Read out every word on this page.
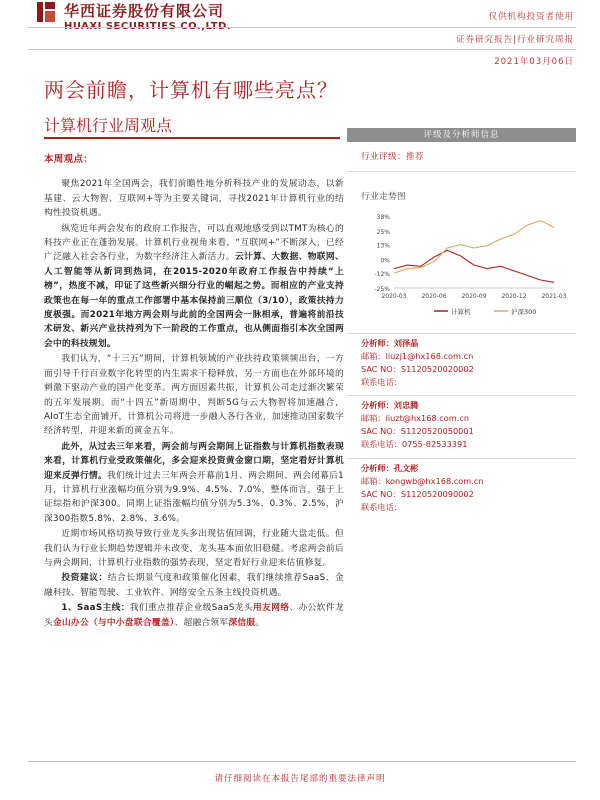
华西证券股份有限公司	仅供机构投资者使用
证券研究报告|行业研究周报
2021年03月06日
两会前瞻，计算机有哪些亮点？
计算机行业周观点
本周观点：

聚焦2021年全国两会，我们前瞻性地分析科技产业的发展动态，以新基建、云大物智、互联网+等为主要关键词，寻找2021年计算机行业的结构性投资机遇。

纵览近年两会发布的政府工作报告，可以直观地感受到以TMT为核心的科技产业正在蓬勃发展。计算机行业视角来看，“互联网+”不断深入，已经广泛融入社会各行业，为数字经济注入新活力。云计算、大数据、物联网、人工智能等从新词到热词，在2015-2020年政府工作报告中持续“上榜”，热度不减，印证了这些新兴细分行业的崛起之势。而相应的产业支持政策也在每一年的重点工作部署中基本保持前三顺位（3/10），政策扶持力度极强。而2021年地方两会则与此前的全国两会一脉相承，普遍将前沿技术研发、新兴产业扶持列为下一阶段的工作重点，也从侧面指引本次全国两会中的科技规划。

我们认为，“十三五”期间，计算机领域的产业扶持政策频频出台，一方面引导千行百业数字化转型的内生需求干稳释放，另一方面也在外部环境的刺激下驱动产业的国产化变革。两方面因素共振，计算机公司走过渐次繁荣的五年发展期。而“十四五”新周期中，判断5G与云大物智将加速融合，AIoT生态全面铺开，计算机公司将进一步融入各行各业，加速推动国家数字经济转型，并迎来新的黄金五年。

此外，从过去三年来看，两会前与两会期间上证指数与计算机指数表现来看，计算机行业受政策催化，多会迎来投资黄金窗口期，坚定看好计算机迎来反弹行情。我们统计过去三年两会开幕前1月、两会期间、两会闭幕后1月，计算机行业涨幅均值分别为9.9%、4.5%、7.0%，整体而言，强于上证综指和沪深300。同期上证指涨幅均值分别为5.3%、0.3%、2.5%，沪深300指数5.8%、2.8%、3.6%。

近期市场风格切换导致行业龙头多出现估值回调，行业随大盘走低。但我们认为行业长期趋势逻辑并未改变，龙头基本面依旧稳健。考虑两会前后与两会期间，计算机行业指数的强势表现，坚定看好行业迎来估值修复。

投资建议：结合长期景气度和政策催化因素，我们继续推荐SaaS、金融科技、智能驾驶、工业软件、网络安全五条主线投资机遇。

1、SaaS主线：我们重点推荐企业级SaaS龙头用友网络、办公软件龙头金山办公（与中小盘联合覆盖）、超融合领军深信服。

评级及分析师信息
行业评级：推荐
行业走势图
38%
25%
13%
0%
-12%
-25%
2020-03 2020-06 2020-09 2020-12 2021-03
计算机	沪深300
分析师：刘泽晶
邮箱：liuzj1@hx168.com.cn
SAC NO：S1120520020002
联系电话：
分析师：刘忠腾
邮箱：liuzt@hx168.com.cn
SAC NO：S1120520050001
联系电话：0755-82533391
分析师：孔文彬
邮箱：kongwb@hx168.com.cn
SAC NO：S1120520090002
联系电话：
请仔细阅读在本报告尾部的重要法律声明
